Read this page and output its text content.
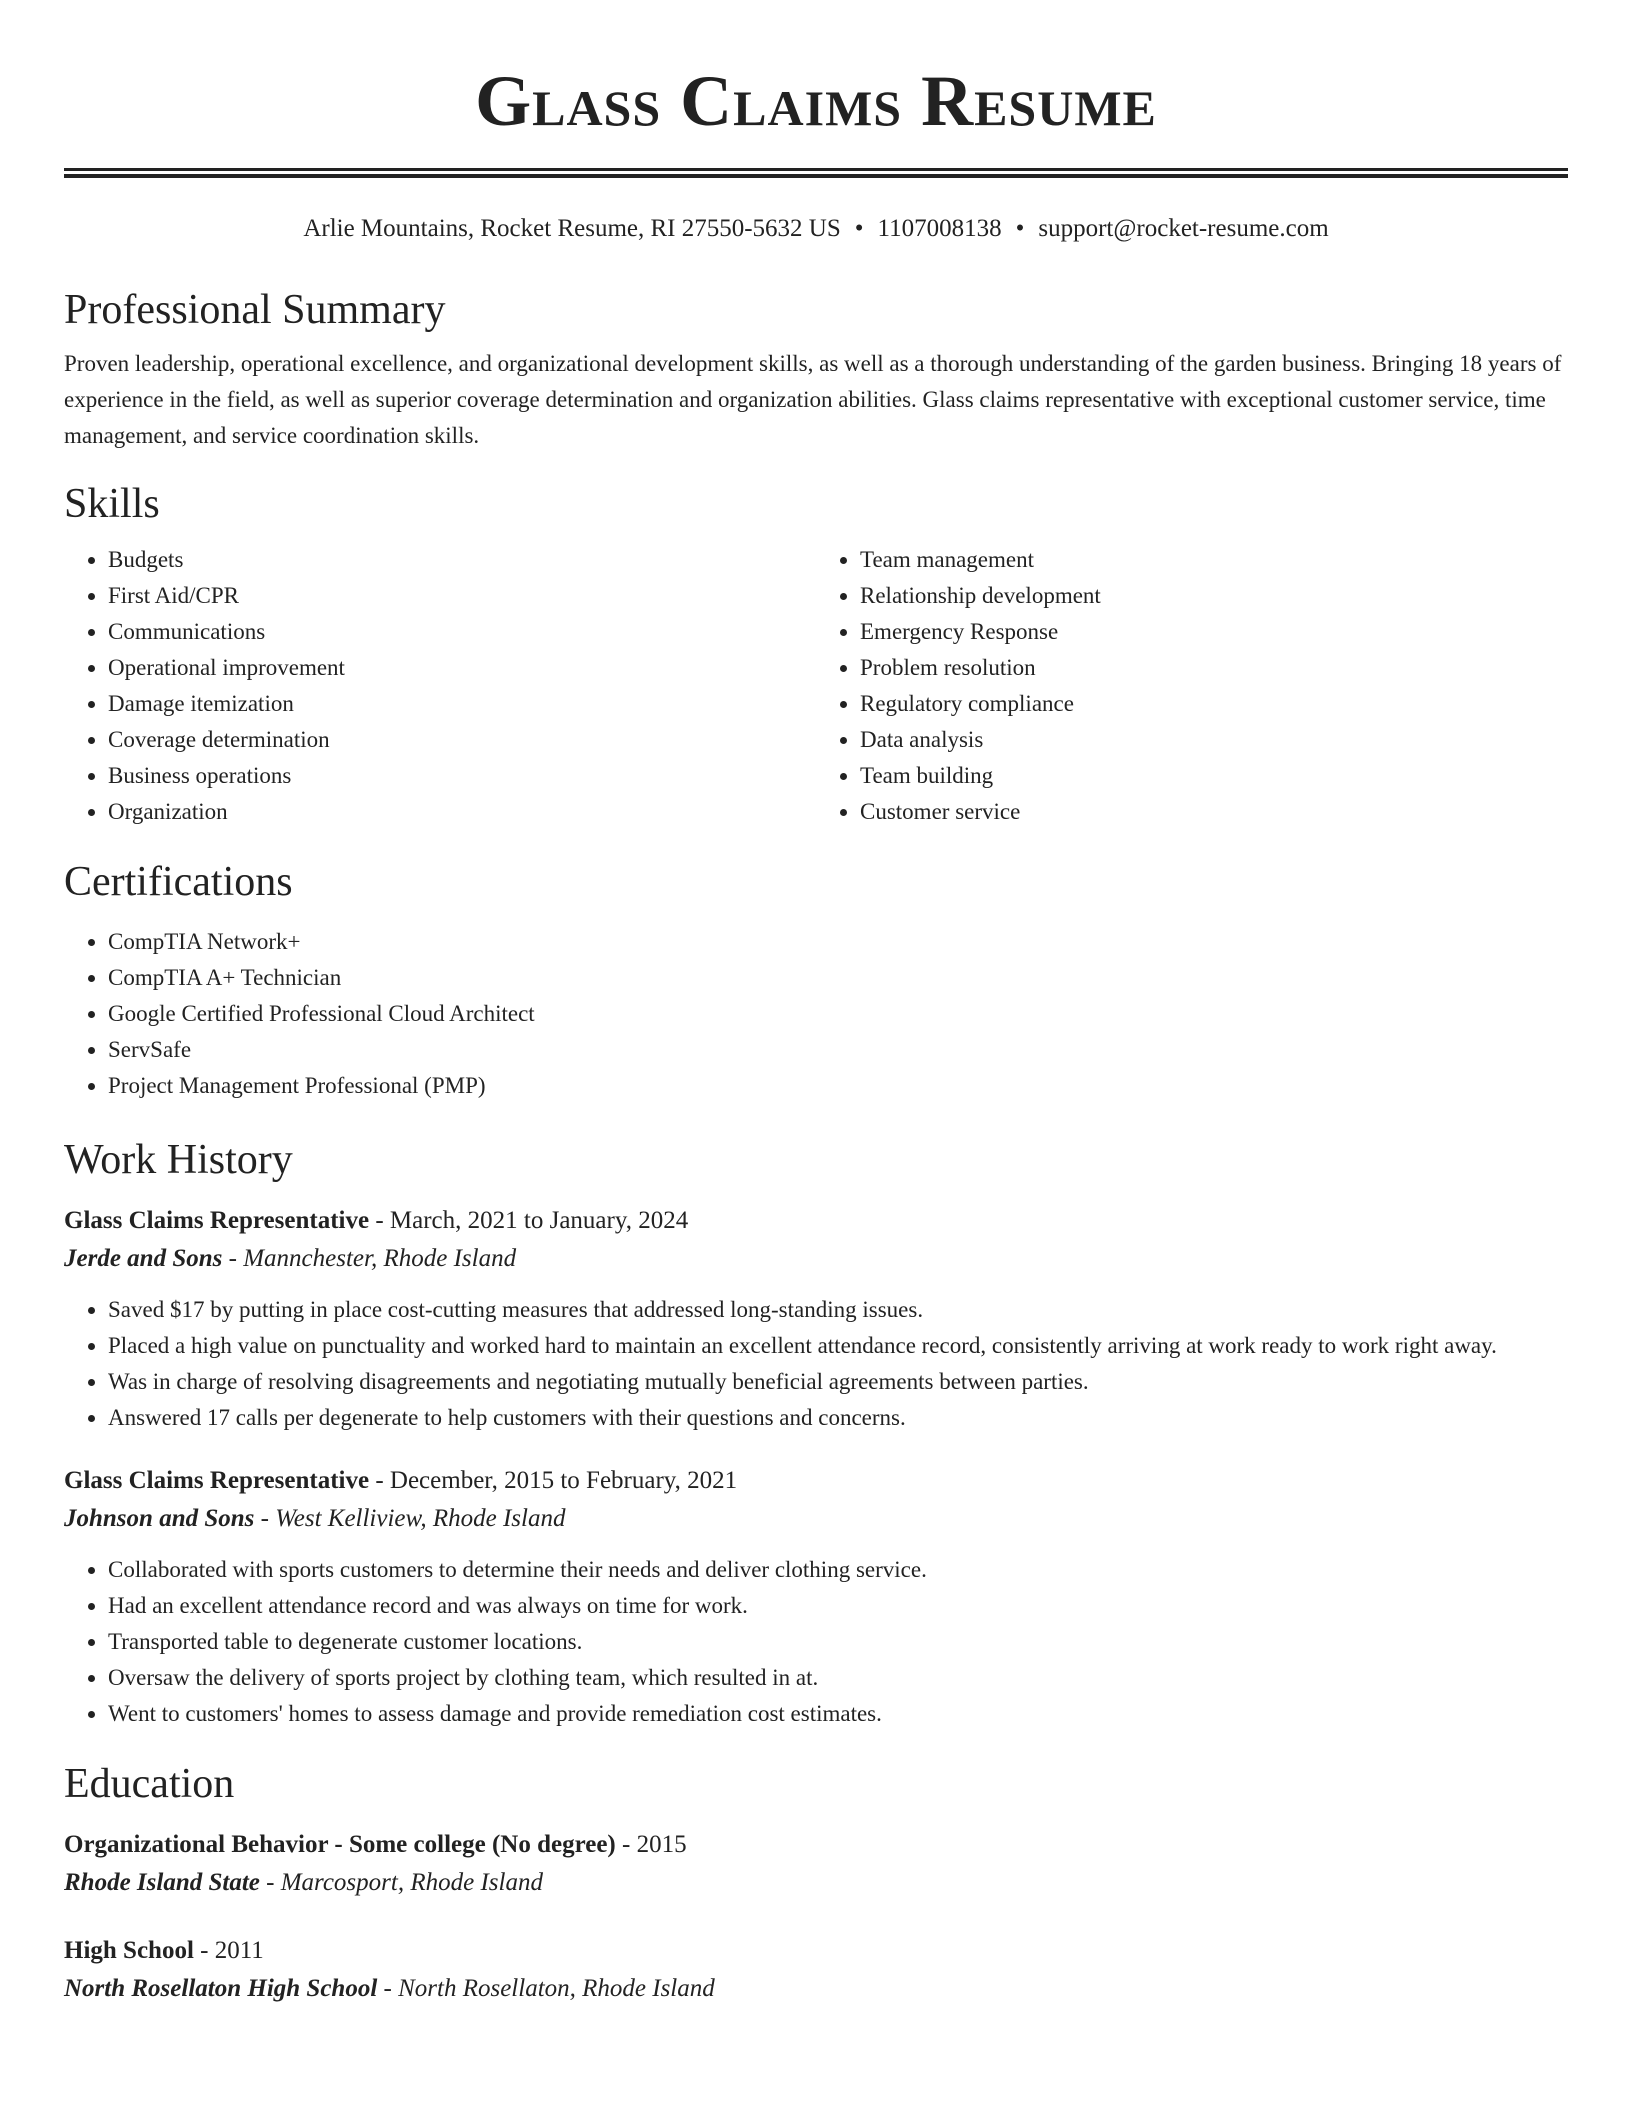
Glass Claims Resume
Arlie Mountains, Rocket Resume, RI 27550-5632 US • 1107008138 • support@rocket-resume.com
Professional Summary

Proven leadership, operational excellence, and organizational development skills, as well as a thorough understanding of the garden business. Bringing 18 years of experience in the field, as well as superior coverage determination and organization abilities. Glass claims representative with exceptional customer service, time management, and service coordination skills.

Skills
• Budgets
• First Aid/CPR
• Communications
• Operational improvement
• Damage itemization
• Coverage determination
• Business operations
• Organization
• Team management
• Relationship development
• Emergency Response
• Problem resolution
• Regulatory compliance
• Data analysis
• Team building
• Customer service
Certifications
• CompTIA Network+
• CompTIA A+ Technician
• Google Certified Professional Cloud Architect
• ServSafe
• Project Management Professional (PMP)
Work History
Glass Claims Representative - March, 2021 to January, 2024
Jerde and Sons - Mannchester, Rhode Island
• Saved $17 by putting in place cost-cutting measures that addressed long-standing issues.
• Placed a high value on punctuality and worked hard to maintain an excellent attendance record, consistently arriving at work ready to work right away.
• Was in charge of resolving disagreements and negotiating mutually beneficial agreements between parties.
• Answered 17 calls per degenerate to help customers with their questions and concerns.
Glass Claims Representative - December, 2015 to February, 2021
Johnson and Sons - West Kelliview, Rhode Island
• Collaborated with sports customers to determine their needs and deliver clothing service.
• Had an excellent attendance record and was always on time for work.
• Transported table to degenerate customer locations.
• Oversaw the delivery of sports project by clothing team, which resulted in at.
• Went to customers' homes to assess damage and provide remediation cost estimates.
Education
Organizational Behavior - Some college (No degree) - 2015
Rhode Island State - Marcosport, Rhode Island
High School - 2011
North Rosellaton High School - North Rosellaton, Rhode Island
